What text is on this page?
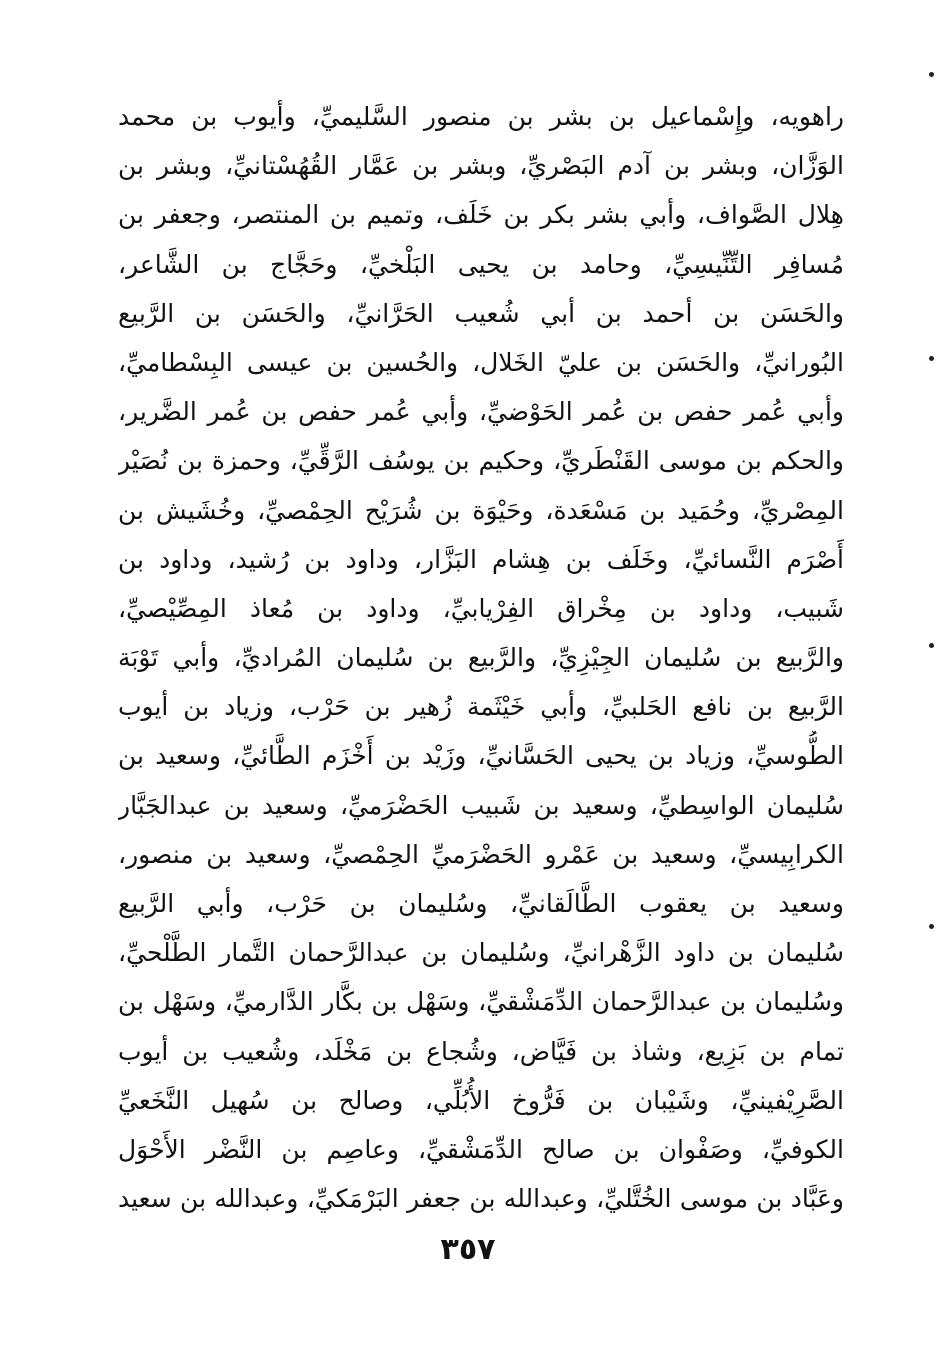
راهويه، وإِسْماعيل بن بشر بن منصور السَّليميِّ، وأيوب بن محمد
الوَزَّان، وبشر بن آدم البَصْريِّ، وبشر بن عَمَّار القُهُسْتانيِّ، وبشر بن
هِلال الصَّواف، وأبي بشر بكر بن خَلَف، وتميم بن المنتصر، وجعفر بن
مُسافِر التِّنِّيسِيِّ، وحامد بن يحيى البَلْخيِّ، وحَجَّاج بن الشَّاعر،
والحَسَن بن أحمد بن أبي شُعيب الحَرَّانيِّ، والحَسَن بن الرَّبيع
البُورانيِّ، والحَسَن بن عليّ الخَلال، والحُسين بن عيسى البِسْطاميِّ،
وأبي عُمر حفص بن عُمر الحَوْضيِّ، وأبي عُمر حفص بن عُمر الضَّرير،
والحكم بن موسى القَنْطَريِّ، وحكيم بن يوسُف الرَّقِّيِّ، وحمزة بن نُصَيْر
المِصْريِّ، وحُمَيد بن مَسْعَدة، وحَيْوَة بن شُرَيْح الحِمْصيِّ، وخُشَيش بن
أَصْرَم النَّسائيِّ، وخَلَف بن هِشام البَزَّار، وداود بن رُشيد، وداود بن
شَبيب، وداود بن مِخْراق الفِرْيابيِّ، وداود بن مُعاذ المِصِّيْصيِّ،
والرَّبيع بن سُليمان الجِيْزِيِّ، والرَّبيع بن سُليمان المُراديِّ، وأبي تَوْبَة
الرَّبيع بن نافع الحَلبيِّ، وأبي خَيْثَمة زُهير بن حَرْب، وزياد بن أيوب
الطُّوسيِّ، وزياد بن يحيى الحَسَّانيِّ، وزَيْد بن أَخْزَم الطَّائيِّ، وسعيد بن
سُليمان الواسِطيِّ، وسعيد بن شَبيب الحَضْرَميِّ، وسعيد بن عبدالجَبَّار
الكرابِيسيِّ، وسعيد بن عَمْرو الحَضْرَميِّ الحِمْصيِّ، وسعيد بن منصور،
وسعيد بن يعقوب الطَّالَقانيِّ، وسُليمان بن حَرْب، وأبي الرَّبيع
سُليمان بن داود الزَّهْرانيِّ، وسُليمان بن عبدالرَّحمان التَّمار الطَّلْحيِّ،
وسُليمان بن عبدالرَّحمان الدِّمَشْقيِّ، وسَهْل بن بكَّار الدَّارميِّ، وسَهْل بن
تمام بن بَزِيع، وشاذ بن فَيَّاض، وشُجاع بن مَخْلَد، وشُعيب بن أيوب
الصَّرِيْفينيِّ، وشَيْبان بن فَرُّوخ الأُبُلِّي، وصالح بن سُهيل النَّخَعيِّ
الكوفيِّ، وصَفْوان بن صالح الدِّمَشْقيِّ، وعاصِم بن النَّضْر الأَحْوَل
وعَبَّاد بن موسى الخُتَّليِّ، وعبدالله بن جعفر البَرْمَكيِّ، وعبدالله بن سعيد
٣٥٧
